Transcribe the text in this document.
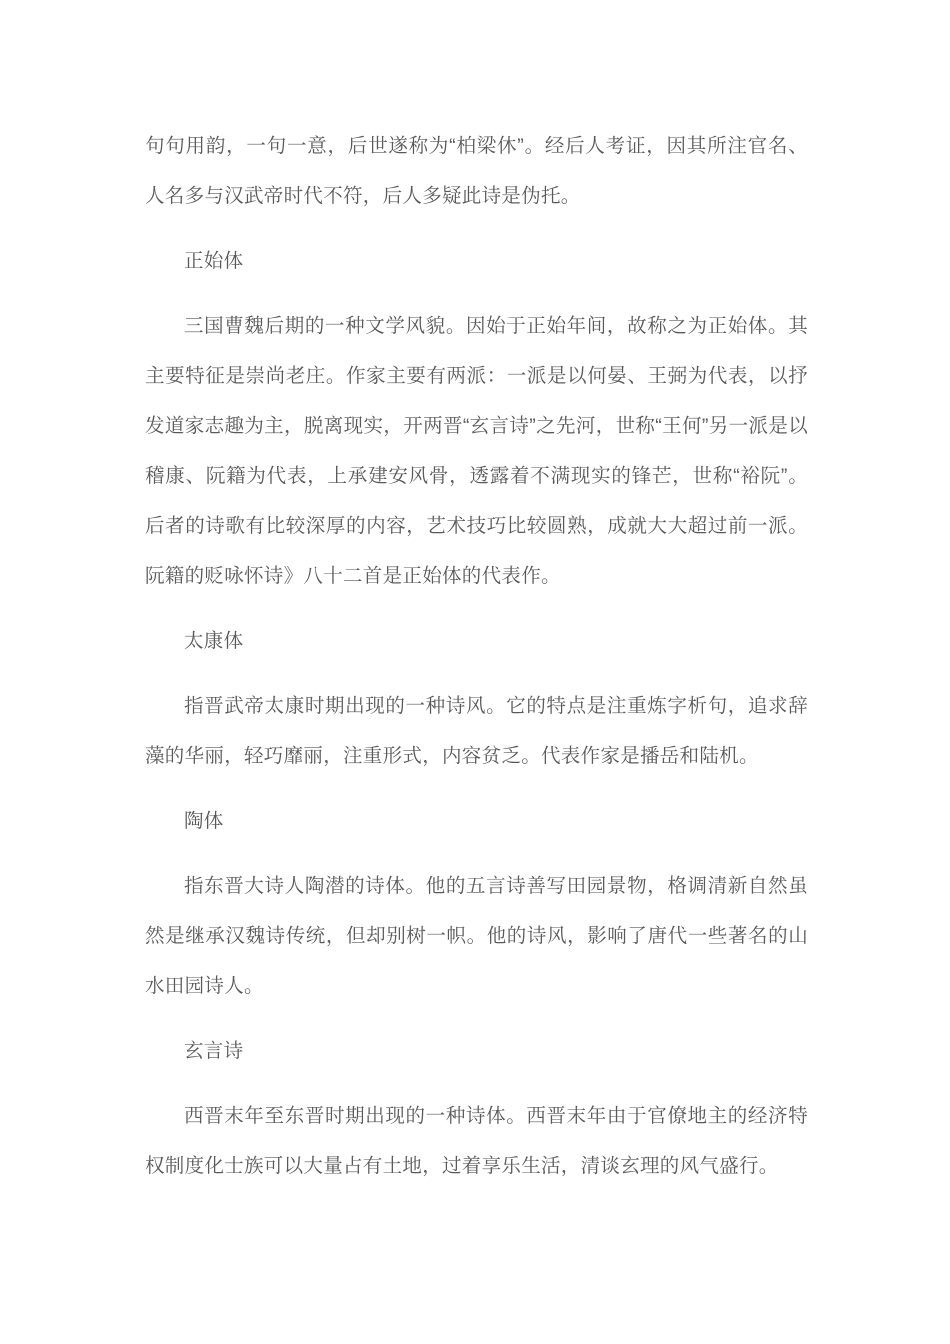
句句用韵，一句一意，后世遂称为“柏梁休”。经后人考证，因其所注官名、人名多与汉武帝时代不符，后人多疑此诗是伪托。

正始体

三国曹魏后期的一种文学风貌。因始于正始年间，故称之为正始体。其主要特征是崇尚老庄。作家主要有两派：一派是以何晏、王弼为代表，以抒发道家志趣为主，脱离现实，开两晋“玄言诗”之先河，世称“王何”另一派是以稽康、阮籍为代表，上承建安风骨，透露着不满现实的锋芒，世称“裕阮”。后者的诗歌有比较深厚的内容，艺术技巧比较圆熟，成就大大超过前一派。阮籍的贬咏怀诗》八十二首是正始体的代表作。

太康体

指晋武帝太康时期出现的一种诗风。它的特点是注重炼字析句，追求辞藻的华丽，轻巧靡丽，注重形式，内容贫乏。代表作家是播岳和陆机。

陶体

指东晋大诗人陶潜的诗体。他的五言诗善写田园景物，格调清新自然虽然是继承汉魏诗传统，但却别树一帜。他的诗风，影响了唐代一些著名的山水田园诗人。

玄言诗

西晋末年至东晋时期出现的一种诗体。西晋末年由于官僚地主的经济特权制度化士族可以大量占有土地，过着享乐生活，清谈玄理的风气盛行。
